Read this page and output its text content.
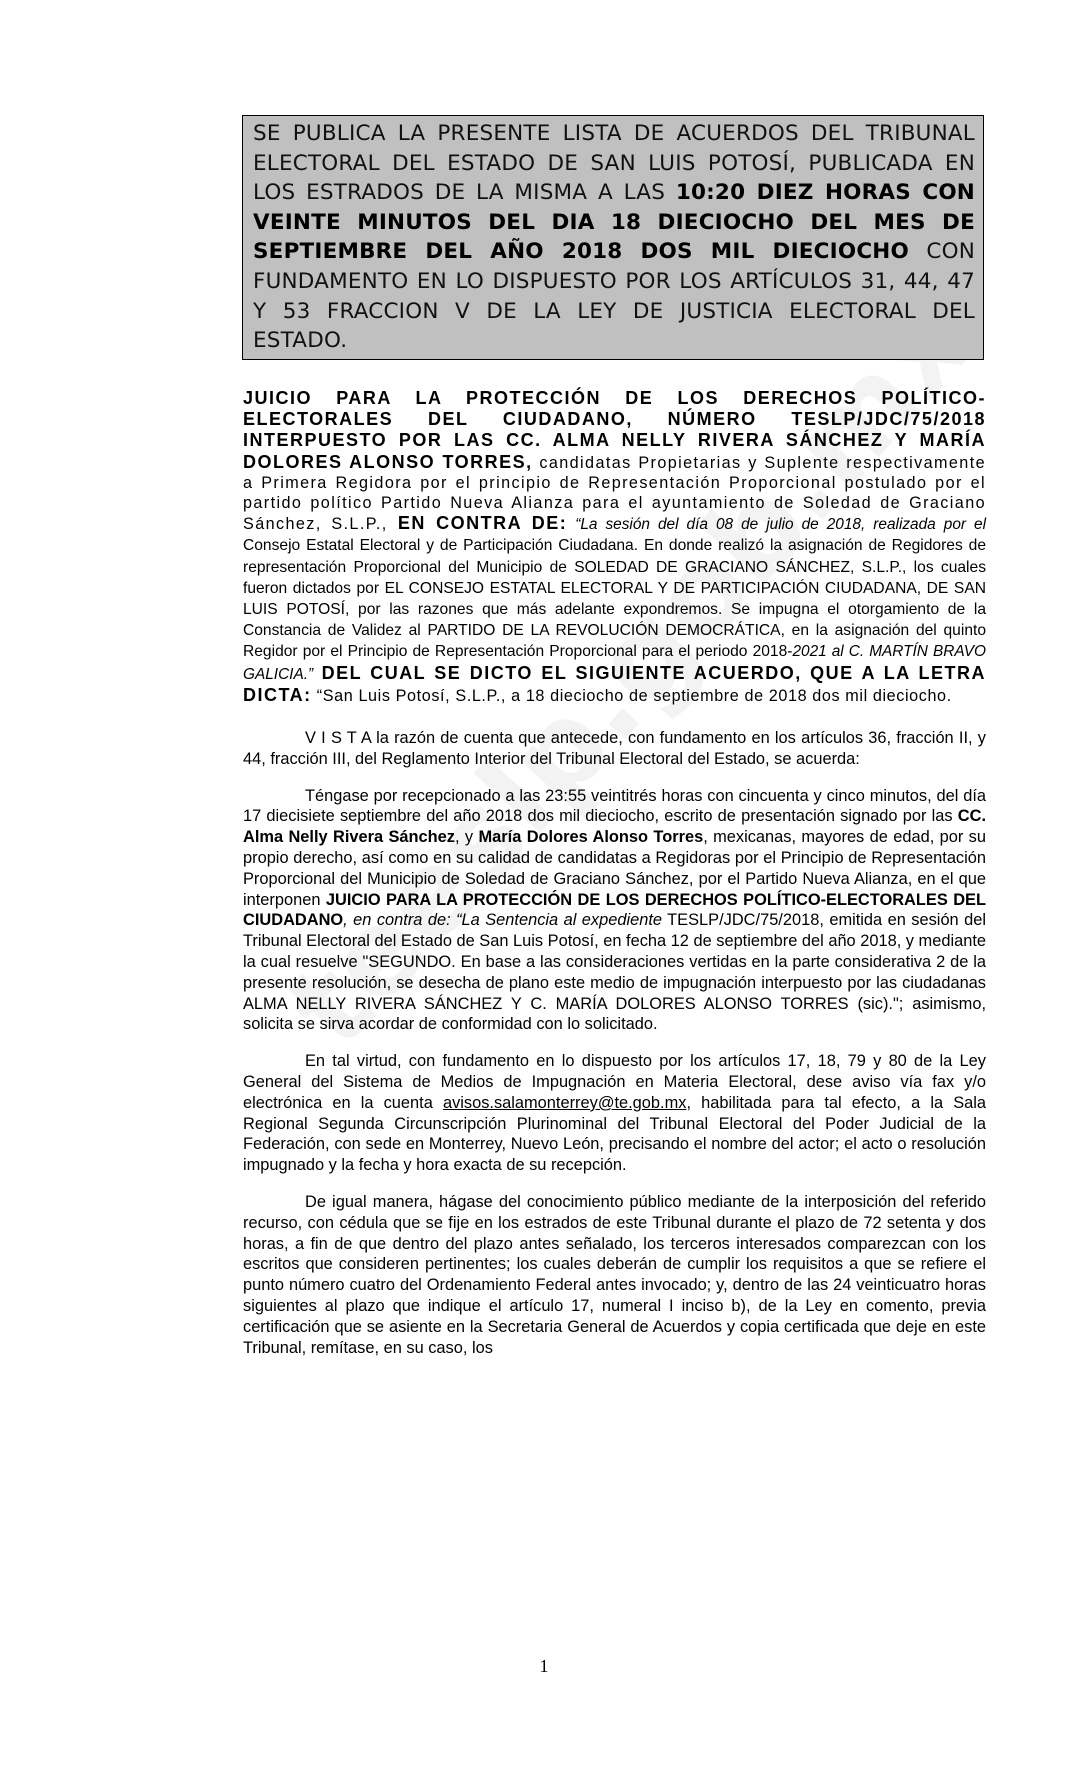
SE PUBLICA LA PRESENTE LISTA DE ACUERDOS DEL TRIBUNAL ELECTORAL DEL ESTADO DE SAN LUIS POTOSÍ, PUBLICADA EN LOS ESTRADOS DE LA MISMA A LAS 10:20 DIEZ HORAS CON VEINTE MINUTOS DEL DIA 18 DIECIOCHO DEL MES DE SEPTIEMBRE DEL AÑO 2018 DOS MIL DIECIOCHO CON FUNDAMENTO EN LO DISPUESTO POR LOS ARTÍCULOS 31, 44, 47 Y 53 FRACCION V DE LA LEY DE JUSTICIA ELECTORAL DEL ESTADO.
JUICIO PARA LA PROTECCIÓN DE LOS DERECHOS POLÍTICO-ELECTORALES DEL CIUDADANO, NÚMERO TESLP/JDC/75/2018 INTERPUESTO POR LAS CC. ALMA NELLY RIVERA SÁNCHEZ Y MARÍA DOLORES ALONSO TORRES, candidatas Propietarias y Suplente respectivamente a Primera Regidora por el principio de Representación Proporcional postulado por el partido político Partido Nueva Alianza para el ayuntamiento de Soledad de Graciano Sánchez, S.L.P., EN CONTRA DE: “La sesión del día 08 de julio de 2018, realizada por el Consejo Estatal Electoral y de Participación Ciudadana. En donde realizó la asignación de Regidores de representación Proporcional del Municipio de SOLEDAD DE GRACIANO SÁNCHEZ, S.L.P., los cuales fueron dictados por EL CONSEJO ESTATAL ELECTORAL Y DE PARTICIPACIÓN CIUDADANA, DE SAN LUIS POTOSÍ, por las razones que más adelante expondremos. Se impugna el otorgamiento de la Constancia de Validez al PARTIDO DE LA REVOLUCIÓN DEMOCRÁTICA, en la asignación del quinto Regidor por el Principio de Representación Proporcional para el periodo 2018-2021 al C. MARTÍN BRAVO GALICIA.” DEL CUAL SE DICTO EL SIGUIENTE ACUERDO, QUE A LA LETRA DICTA: “San Luis Potosí, S.L.P., a 18 dieciocho de septiembre de 2018 dos mil dieciocho.
V I S T A la razón de cuenta que antecede, con fundamento en los artículos 36, fracción II, y 44, fracción III, del Reglamento Interior del Tribunal Electoral del Estado, se acuerda:
Téngase por recepcionado a las 23:55 veintitrés horas con cincuenta y cinco minutos, del día 17 diecisiete septiembre del año 2018 dos mil dieciocho, escrito de presentación signado por las CC. Alma Nelly Rivera Sánchez, y María Dolores Alonso Torres, mexicanas, mayores de edad, por su propio derecho, así como en su calidad de candidatas a Regidoras por el Principio de Representación Proporcional del Municipio de Soledad de Graciano Sánchez, por el Partido Nueva Alianza, en el que interponen JUICIO PARA LA PROTECCIÓN DE LOS DERECHOS POLÍTICO-ELECTORALES DEL CIUDADANO, en contra de: “La Sentencia al expediente TESLP/JDC/75/2018, emitida en sesión del Tribunal Electoral del Estado de San Luis Potosí, en fecha 12 de septiembre del año 2018, y mediante la cual resuelve "SEGUNDO. En base a las consideraciones vertidas en la parte considerativa 2 de la presente resolución, se desecha de plano este medio de impugnación interpuesto por las ciudadanas ALMA NELLY RIVERA SÁNCHEZ Y C. MARÍA DOLORES ALONSO TORRES (sic)."; asimismo, solicita se sirva acordar de conformidad con lo solicitado.
En tal virtud, con fundamento en lo dispuesto por los artículos 17, 18, 79 y 80 de la Ley General del Sistema de Medios de Impugnación en Materia Electoral, dese aviso vía fax y/o electrónica en la cuenta avisos.salamonterrey@te.gob.mx, habilitada para tal efecto, a la Sala Regional Segunda Circunscripción Plurinominal del Tribunal Electoral del Poder Judicial de la Federación, con sede en Monterrey, Nuevo León, precisando el nombre del actor; el acto o resolución impugnado y la fecha y hora exacta de su recepción.
De igual manera, hágase del conocimiento público mediante de la interposición del referido recurso, con cédula que se fije en los estrados de este Tribunal durante el plazo de 72 setenta y dos horas, a fin de que dentro del plazo antes señalado, los terceros interesados comparezcan con los escritos que consideren pertinentes; los cuales deberán de cumplir los requisitos a que se refiere el punto número cuatro del Ordenamiento Federal antes invocado; y, dentro de las 24 veinticuatro horas siguientes al plazo que indique el artículo 17, numeral I inciso b), de la Ley en comento, previa certificación que se asiente en la Secretaria General de Acuerdos y copia certificada que deje en este Tribunal, remítase, en su caso, los
1
